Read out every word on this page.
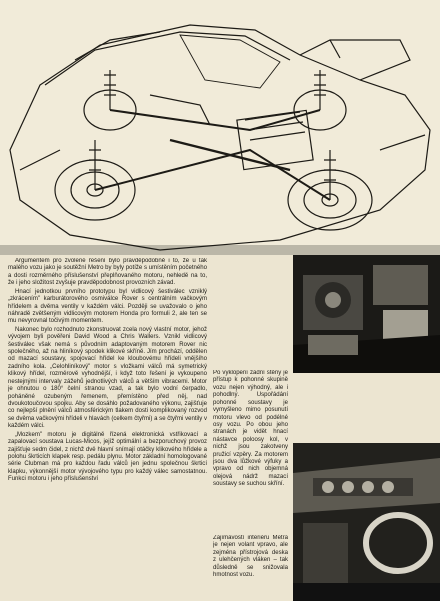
Argumentem pro zvolené řešení bylo pravděpodobně i to, že u tak malého vozu jako je soutěžní Metro by byly potíže s umístěním početného a dosti rozměrného příslušenství přeplňovaného motoru, nehledě na to, že i jeho složitost zvyšuje pravděpodobnost provozních závad.

Hnací jednotkou prvního prototypu byl vidlicový šestiválec vzniklý „zkrácením" karburátorového osmiválce Rover s centrálním vačkovým hřídelem a dvěma ventily v každém válci. Později se uvažovalo o jeho náhradě zvětšeným vidlicovým motorem Honda pro formuli 2, ale ten se mu nevyrovnal točivým momentem.

Nakonec bylo rozhodnuto zkonstruovat zcela nový vlastní motor, jehož vývojem byli pověřeni David Wood a Chris Wallers. Vznikl vidlicový šestiválec však nemá s původním adaptovaným motorem Rover nic společného, až na hliníkový spodek klikové skříně. Jím prochází, oddělen od mazací soustavy, spojovací hřídel ke kloubovému hřídeli vnějšího zadního kola. „Celohliníkový" motor s vložkami válců má symetrický klikový hřídel, rozměrově vyhodnější, i když toto řešení je vykoupeno nestejnými intervaly zážehů jednotlivých válců a větším vibracemi. Motor je ohnutou o 180° čelní stranou vzad, a tak bylo vodní čerpadlo, poháněné ozubeným řemenem, přemístěno před něj, nad dvoukotoučovou spojku. Aby se dosáhlo požadovaného výkonu, zajišťuje co nejlepší plnění válců atmosférickým tlakem dosti komplikovaný rozvod se dvěma vačkovými hřídeli v hlavách (celkem čtyřmi) a se čtyřmi ventily v každém válci.

„Mozkem" motoru je digitálně řízená elektronická vstřikovací a zapalovací soustava Lucas-Micos, jejíž optimální a bezporuchový provoz zajišťuje sedm čidel, z nichž dvě hlavní snímají otáčky klikového hřídele a polohu škrticích klapek resp. pedálu plynu. Motor základní homologované série Clubman má pro každou řadu válců jen jednu společnou škrticí klapku, výkonnější motor vývojového typu pro každý válec samostatnou. Funkci motoru i jeho příslušenství

Po vyklopení zadní stěny je přístup k pohonné skupině vozu nejen výhodný, ale i pohodlný. Uspořádání pohonné soustavy je vymyšleno mimo posunutí motoru vlevo od podélné osy vozu. Po obou jeho stranách je vidět hnací nástavce poloosy kol, v nichž jsou zakotveny pružicí vzpěry. Za motorem jsou dva lůžkové výfuky a vpravo od nich objemná olejová nádrž mazací soustavy se suchou skříní.

Zajímavostí interiéru Metra je nejen volant vpravo, ale zejména přístrojová deska z ulehčených vláken – tak důsledně se snižovala hmotnost vozu.
